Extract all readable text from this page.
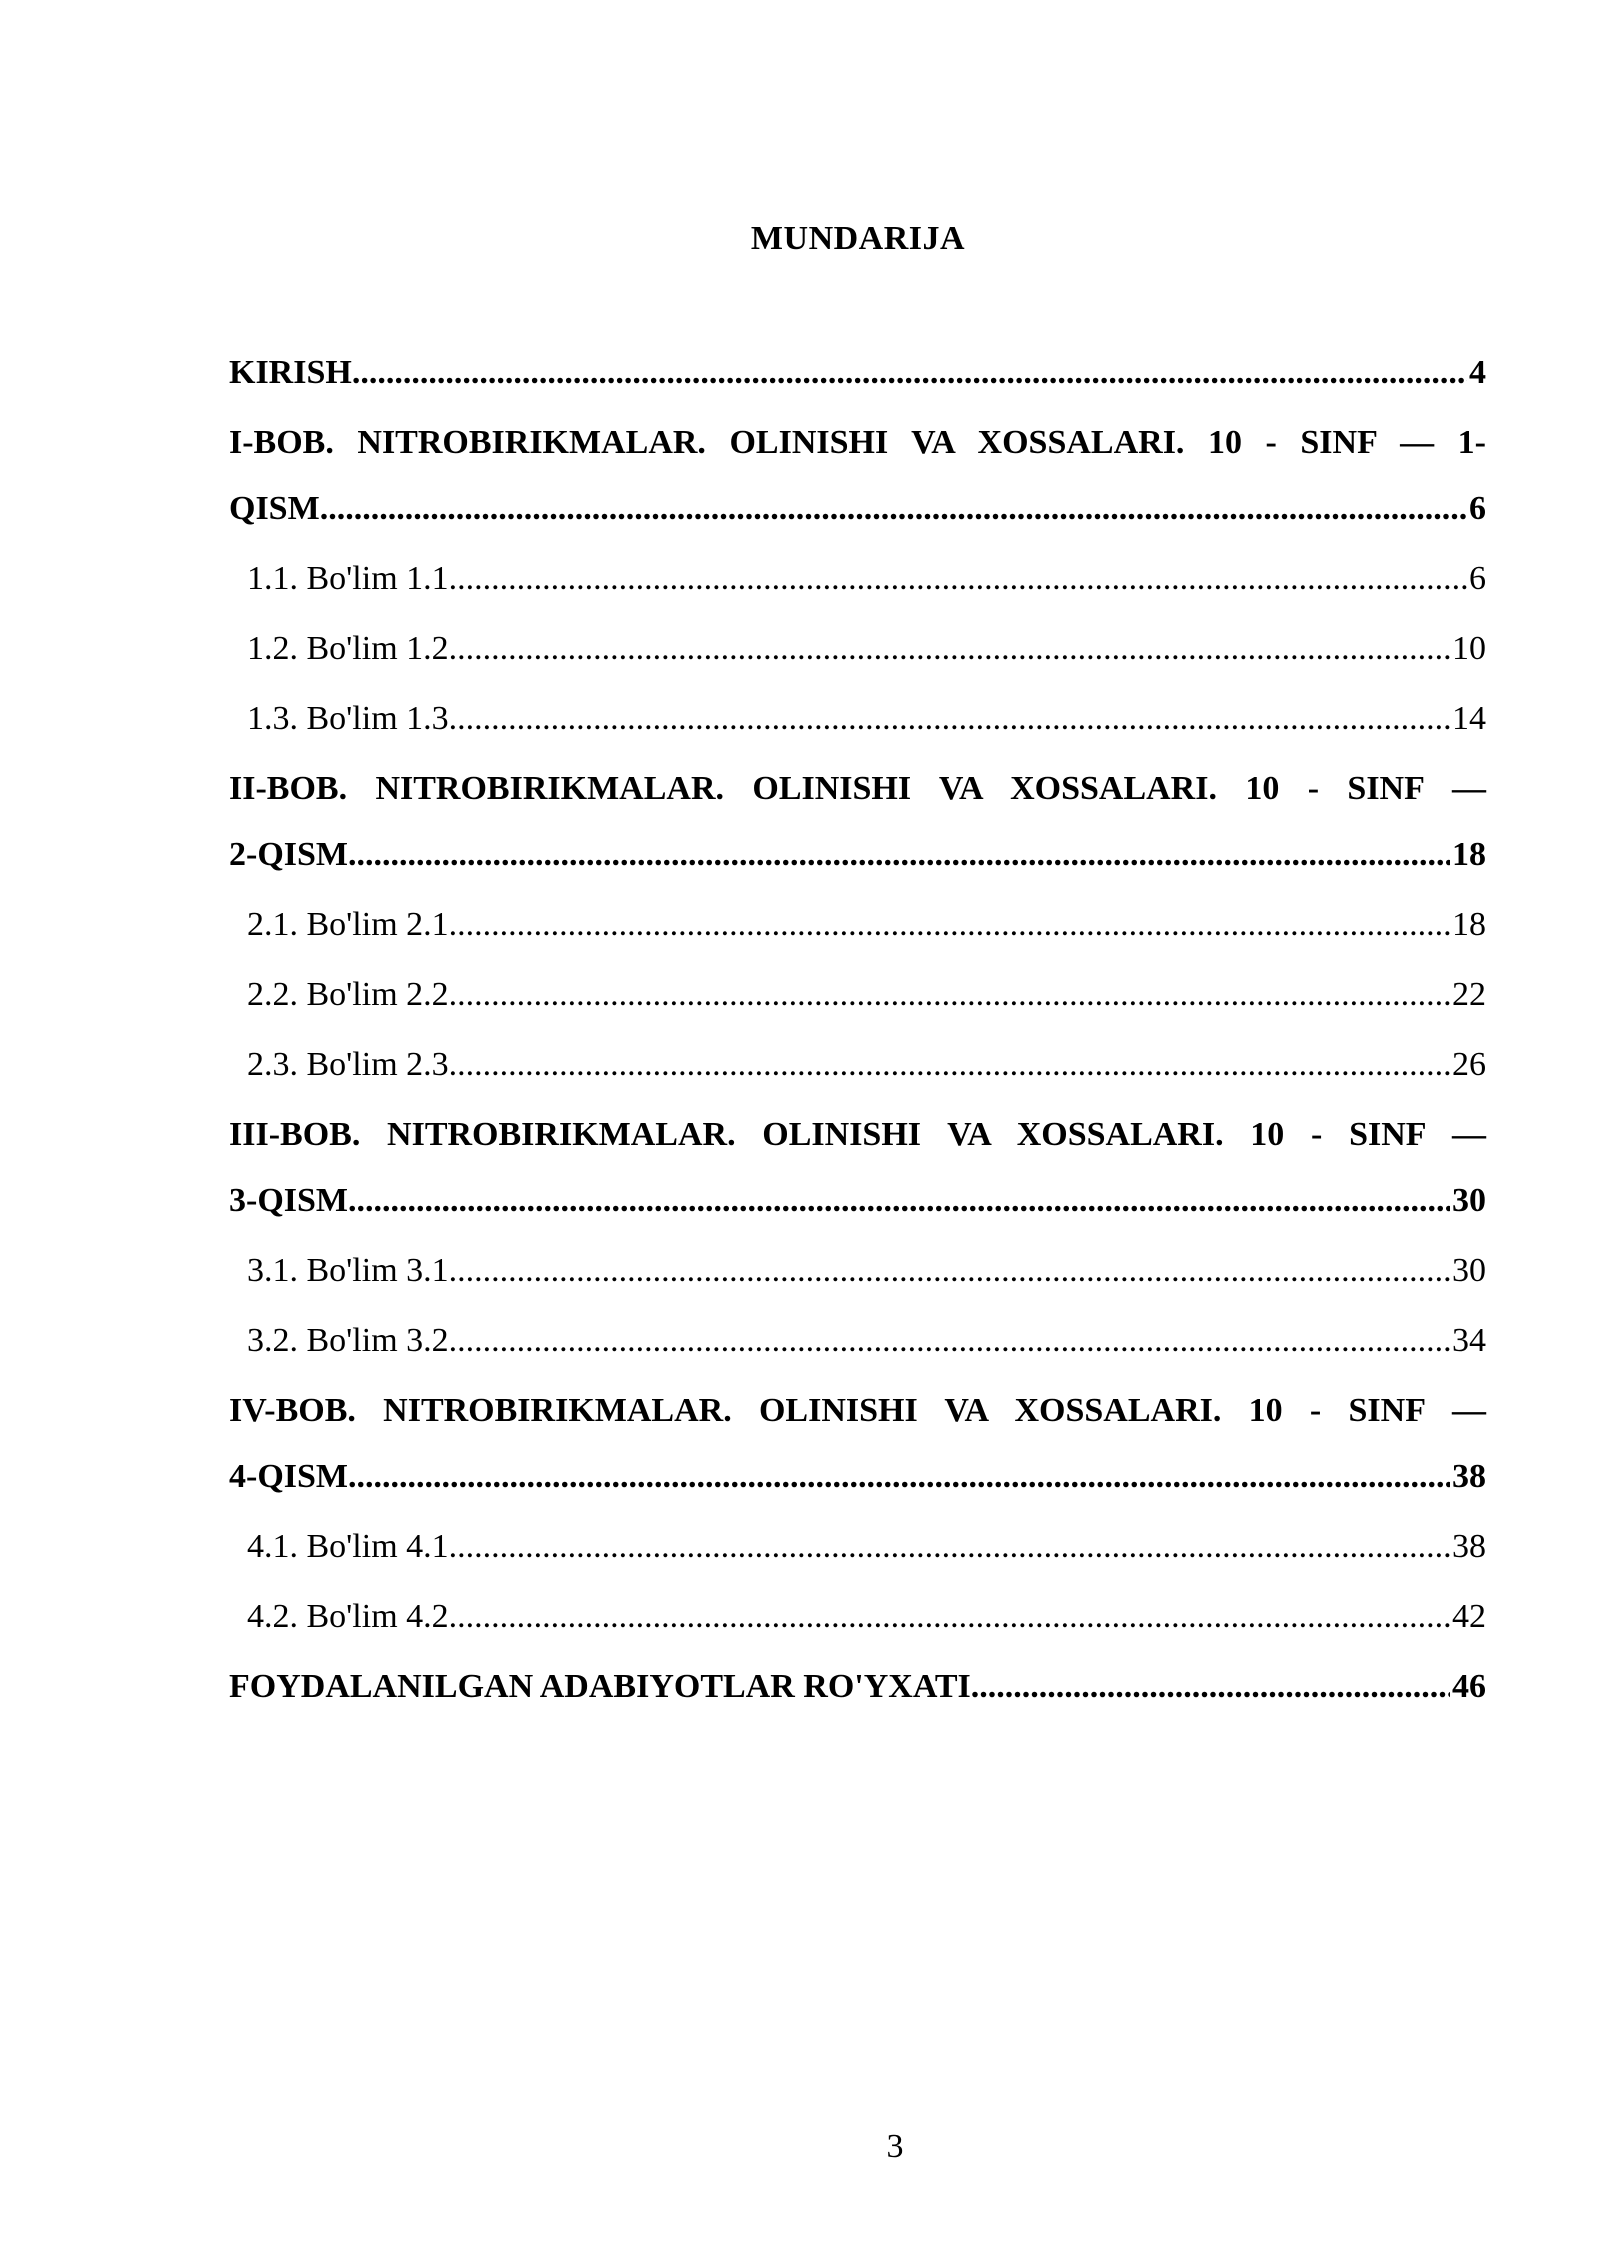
MUNDARIJA
KIRISH .....	4
I-BOB. NITROBIRIKMALAR. OLINISHI VA XOSSALARI. 10 - SINF — 1-
QISM .....	6
1.1. Bo'lim 1.1 .....	6
1.2. Bo'lim 1.2 .....	10
1.3. Bo'lim 1.3 .....	14
II-BOB. NITROBIRIKMALAR. OLINISHI VA XOSSALARI. 10 - SINF —
2-QISM .....	18
2.1. Bo'lim 2.1 .....	18
2.2. Bo'lim 2.2 .....	22
2.3. Bo'lim 2.3 .....	26
III-BOB. NITROBIRIKMALAR. OLINISHI VA XOSSALARI. 10 - SINF —
3-QISM .....	30
3.1. Bo'lim 3.1 .....	30
3.2. Bo'lim 3.2 .....	34
IV-BOB. NITROBIRIKMALAR. OLINISHI VA XOSSALARI. 10 - SINF —
4-QISM .....	38
4.1. Bo'lim 4.1 .....	38
4.2. Bo'lim 4.2 .....	42
FOYDALANILGAN ADABIYOTLAR RO'YXATI .....	46
3
